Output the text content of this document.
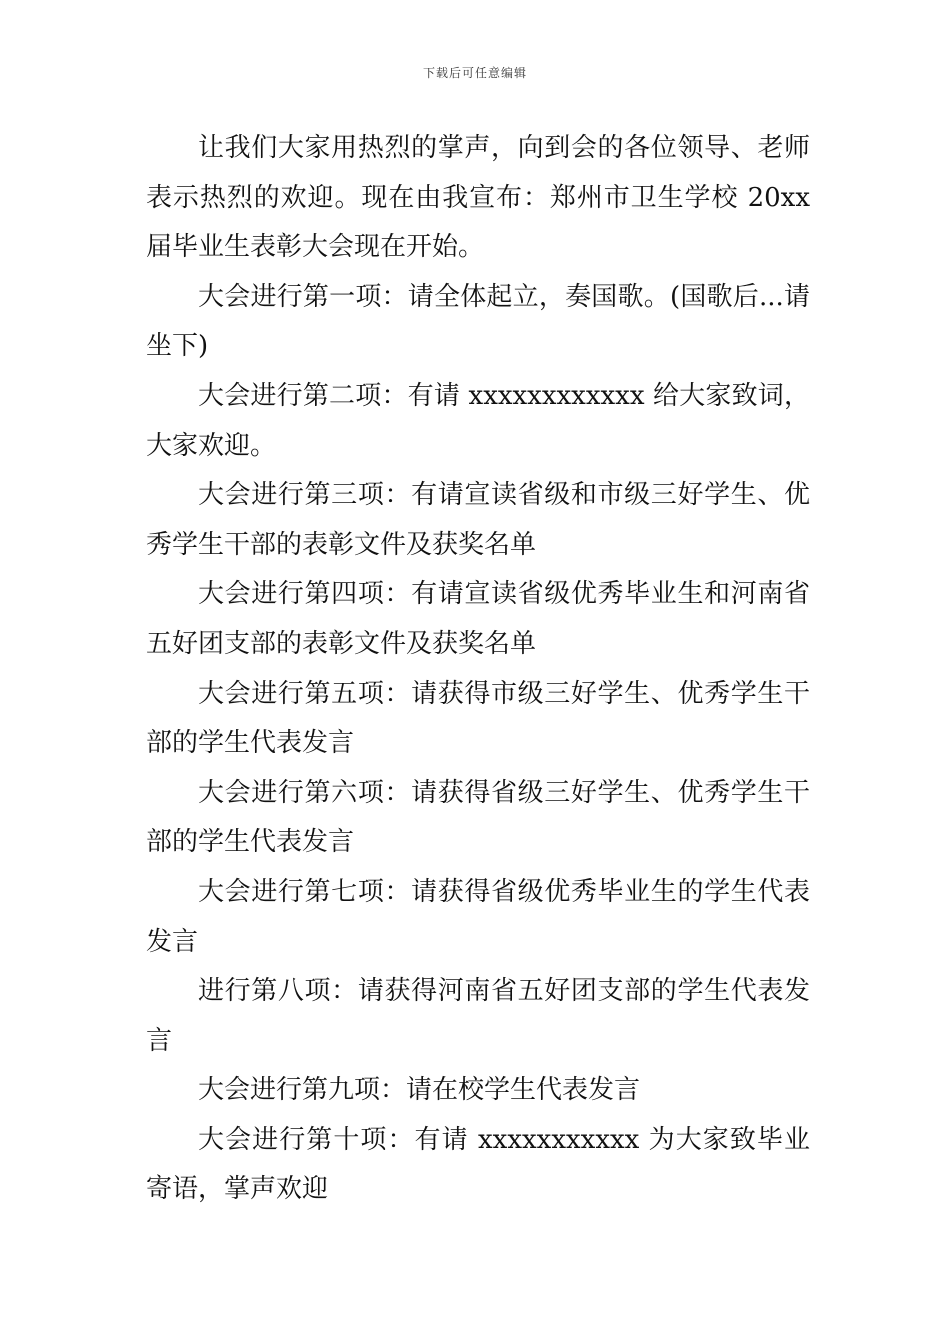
下载后可任意编辑

让我们大家用热烈的掌声，向到会的各位领导、老师表示热烈的欢迎。现在由我宣布：郑州市卫生学校 20xx 届毕业生表彰大会现在开始。

大会进行第一项：请全体起立，奏国歌。(国歌后...请坐下)

大会进行第二项：有请 xxxxxxxxxxxx 给大家致词，大家欢迎。

大会进行第三项：有请宣读省级和市级三好学生、优秀学生干部的表彰文件及获奖名单

大会进行第四项：有请宣读省级优秀毕业生和河南省五好团支部的表彰文件及获奖名单

大会进行第五项：请获得市级三好学生、优秀学生干部的学生代表发言

大会进行第六项：请获得省级三好学生、优秀学生干部的学生代表发言

大会进行第七项：请获得省级优秀毕业生的学生代表发言

进行第八项：请获得河南省五好团支部的学生代表发言

大会进行第九项：请在校学生代表发言

大会进行第十项：有请 xxxxxxxxxxx 为大家致毕业寄语，掌声欢迎
